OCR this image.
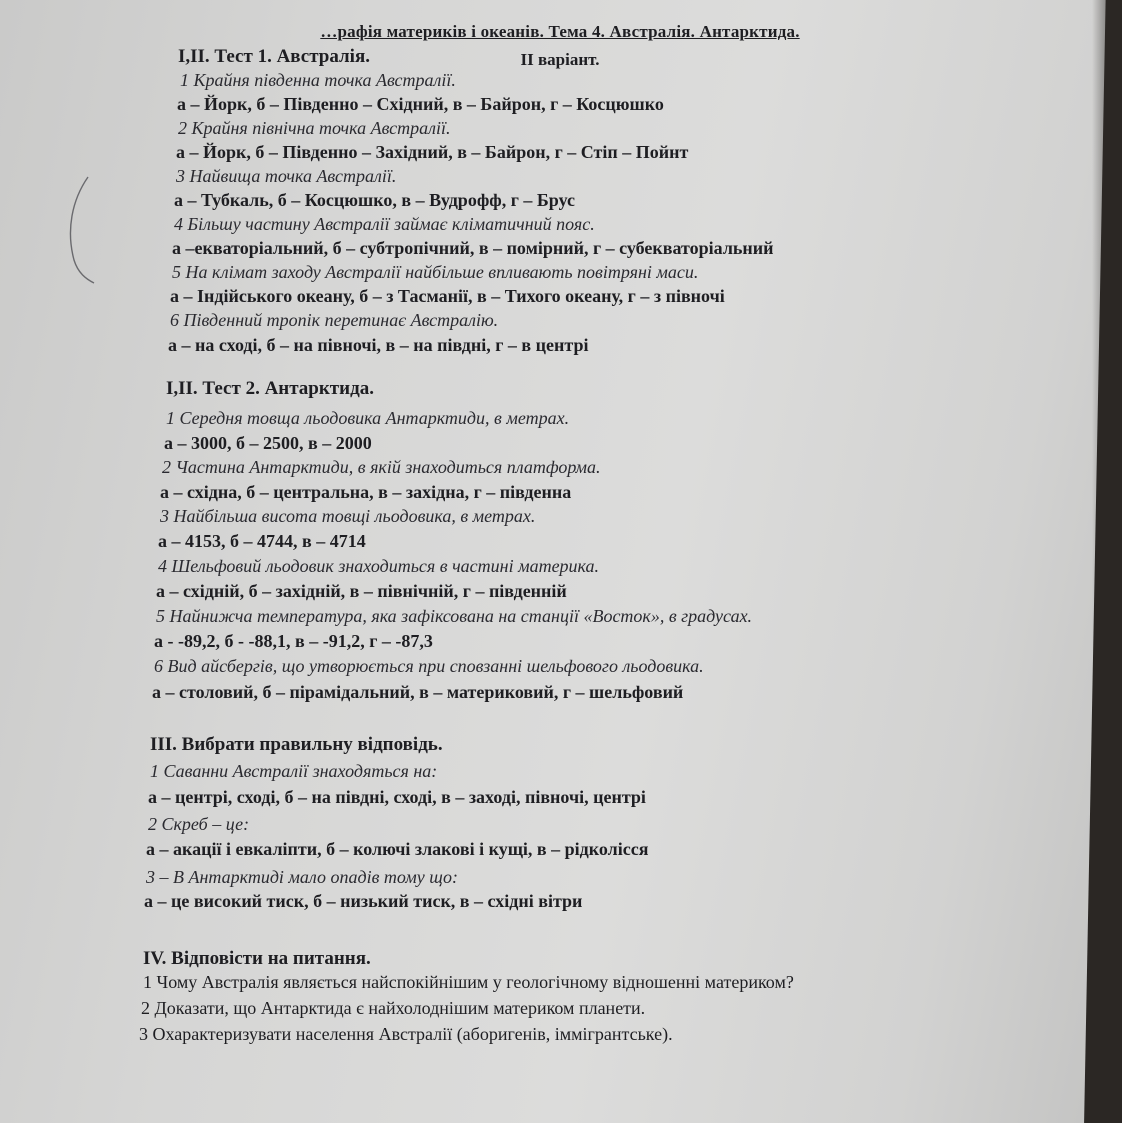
…рафія материків і океанів. Тема 4. Австралія. Антарктида.
II варіант.
I,II. Тест 1. Австралія.
1 Крайня південна точка Австралії.
а – Йорк, б – Південно – Східний, в – Байрон, г – Косцюшко
2 Крайня північна точка Австралії.
а – Йорк, б – Південно – Західний, в – Байрон, г – Стіп – Пойнт
3 Найвища точка Австралії.
а – Тубкаль, б – Косцюшко, в – Вудрофф, г – Брус
4 Більшу частину Австралії займає кліматичний пояс.
а –екваторіальний, б – субтропічний, в – помірний, г – субекваторіальний
5 На клімат заходу Австралії найбільше впливають повітряні маси.
а – Індійського океану, б – з Тасманії, в – Тихого океану, г – з півночі
6 Південний тропік перетинає Австралію.
а – на сході, б – на півночі, в – на півдні, г – в центрі
I,II. Тест 2. Антарктида.
1 Середня товща льодовика Антарктиди, в метрах.
а – 3000, б – 2500, в – 2000
2 Частина Антарктиди, в якій знаходиться платформа.
а – східна, б – центральна, в – західна, г – південна
3 Найбільша висота товщі льодовика, в метрах.
а – 4153, б – 4744, в – 4714
4 Шельфовий льодовик знаходиться в частині материка.
а – східній, б – західній, в – північній, г – південній
5 Найнижча температура, яка зафіксована на станції «Восток», в градусах.
а - -89,2, б - -88,1, в – -91,2, г – -87,3
6 Вид айсбергів, що утворюється при сповзанні шельфового льодовика.
а – столовий, б – пірамідальний, в – материковий, г – шельфовий
III. Вибрати правильну відповідь.
1 Саванни Австралії знаходяться на:
а – центрі, сході, б – на півдні, сході, в – заході, півночі, центрі
2 Скреб – це:
а – акації і евкаліпти, б – колючі злакові і кущі, в – рідколісся
3 – В Антарктиді мало опадів тому що:
а – це високий тиск, б – низький тиск, в – східні вітри
IV. Відповісти на питання.
1 Чому Австралія являється найспокійнішим у геологічному відношенні материком?
2 Доказати, що Антарктида є найхолоднішим материком планети.
3 Охарактеризувати населення Австралії (аборигенів, іммігрантське).
